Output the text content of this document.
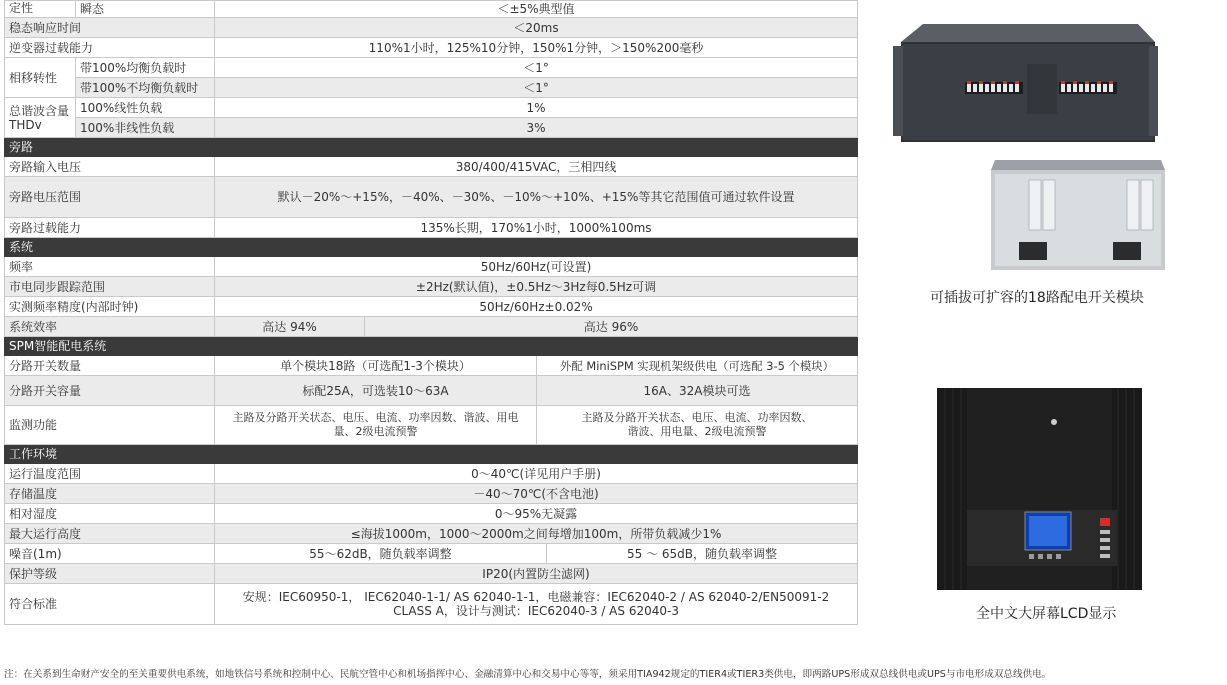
定性	瞬态	＜±5%典型值			
稳态响应时间		＜20ms			
逆变器过载能力		110%1小时，125%10分钟，150%1分钟，＞150%200毫秒			
相移转性	带100%均衡负载时	＜1°			
	带100%不均衡负载时	＜1°			
总谐波含量THDv	100%线性负载	1%			
	100%非线性负载	3%			
旁路					
旁路输入电压		380/400/415VAC，三相四线			
旁路电压范围		默认－20%～+15%，－40%、－30%、－10%～+10%、+15%等其它范围值可通过软件设置			
旁路过载能力		135%长期，170%1小时，1000%100ms			
系统					
频率		50Hz/60Hz(可设置)			
市电同步跟踪范围		±2Hz(默认值)，±0.5Hz～3Hz每0.5Hz可调			
实测频率精度(内部时钟)		50Hz/60Hz±0.02%			
系统效率		高达 94%	高达 96%		
SPM智能配电系统					
分路开关数量		单个模块18路（可选配1-3个模块）		外配 MiniSPM 实现机架级供电（可选配 3-5 个模块）	
分路开关容量		标配25A，可选装10～63A		16A、32A模块可选	
监测功能		主路及分路开关状态、电压、电流、功率因数、谐波、用电量、2级电流预警		主路及分路开关状态、电压、电流、功率因数、谐波、用电量、2级电流预警	
工作环境					
运行温度范围		0～40℃(详见用户手册)			
存储温度		－40～70℃(不含电池)			
相对湿度		0～95%无凝露			
最大运行高度		≤海拔1000m，1000～2000m之间每增加100m，所带负载减少1%			
噪音(1m)		55～62dB，随负载率调整			55 ～ 65dB，随负载率调整
保护等级		IP20(内置防尘滤网)			
符合标准		安规：IEC60950-1， IEC62040-1-1/ AS 62040-1-1，电磁兼容：IEC62040-2 / AS 62040-2/EN50091-2 CLASS A，设计与测试：IEC62040-3 / AS 62040-3			
可插拔可扩容的18路配电开关模块
全中文大屏幕LCD显示
注：在关系到生命财产安全的至关重要供电系统，如地铁信号系统和控制中心、民航空管中心和机场指挥中心、金融清算中心和交易中心等等，须采用TIA942规定的TIER4或TIER3类供电，即两路UPS形成双总线供电或UPS与市电形成双总线供电。
